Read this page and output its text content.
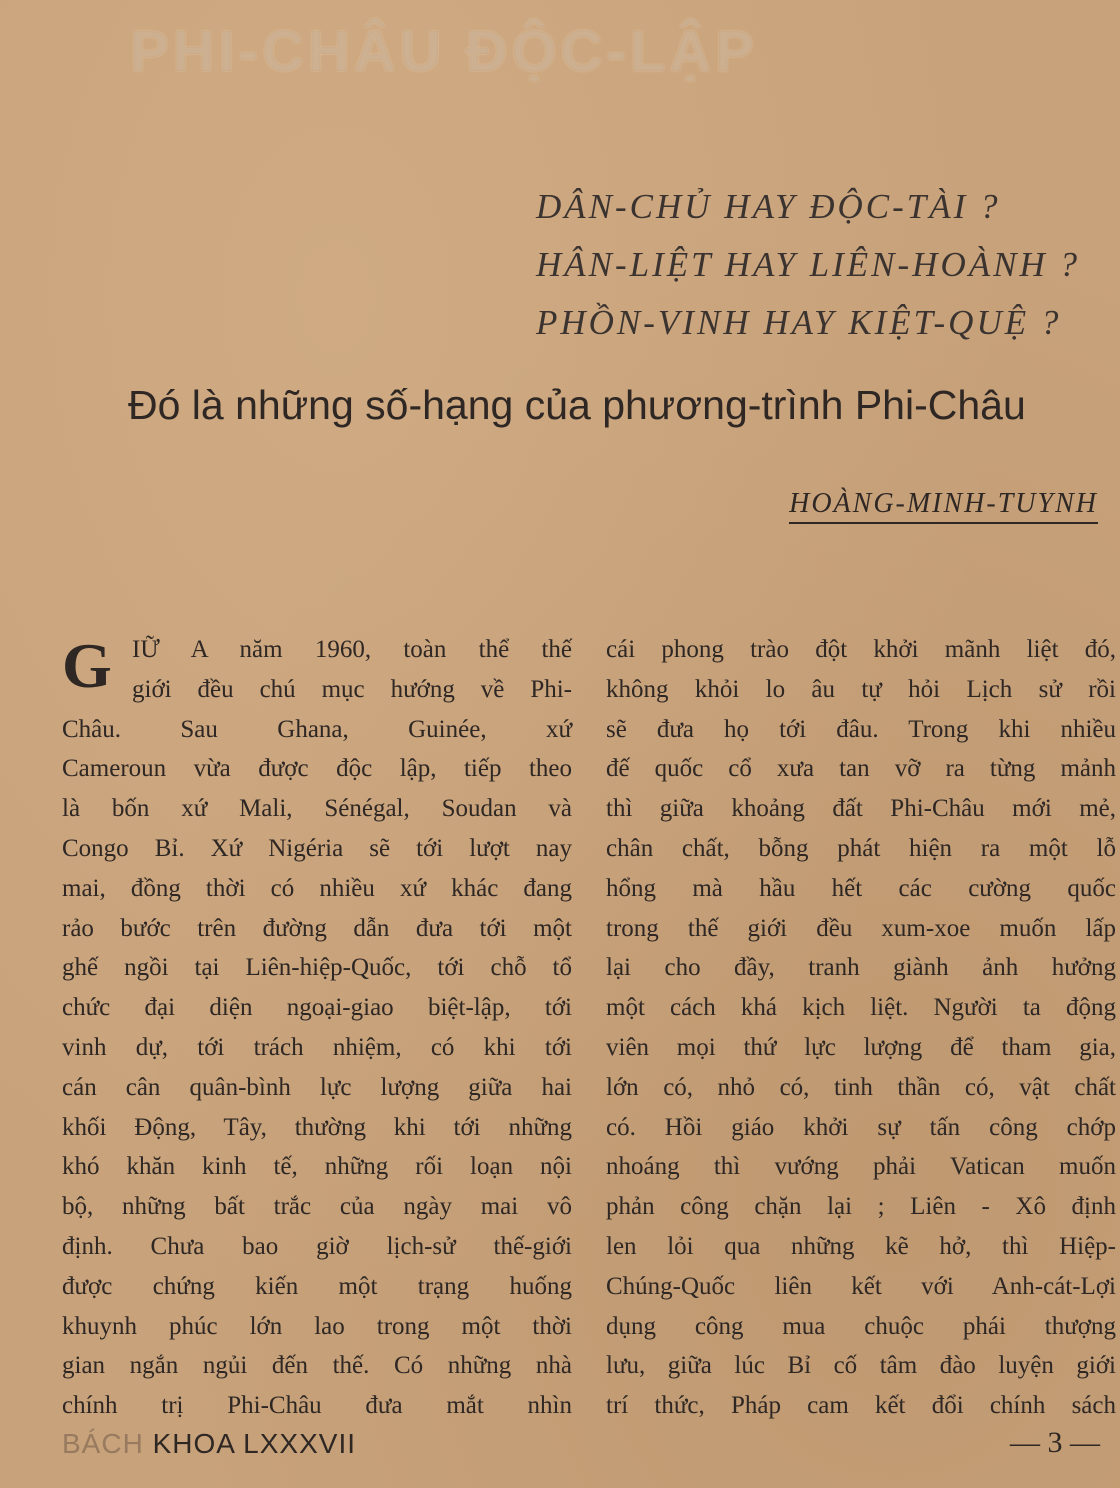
PHI-CHÂU ĐỘC-LẬP
DÂN-CHỦ HAY ĐỘC-TÀI ?
HÂN-LIỆT HAY LIÊN-HOÀNH ?
PHỒN-VINH HAY KIỆT-QUỆ ?
Đó là những số-hạng của phương-trình Phi-Châu
HOÀNG-MINH-TUYNH
G IỮ A năm 1960, toàn thể thế
giới đều chú mục hướng về Phi-
Châu. Sau Ghana, Guinée, xứ
Cameroun vừa được độc lập, tiếp theo
là bốn xứ Mali, Sénégal, Soudan và
Congo Bỉ. Xứ Nigéria sẽ tới lượt nay
mai, đồng thời có nhiều xứ khác đang
rảo bước trên đường dẫn đưa tới một
ghế ngồi tại Liên-hiệp-Quốc, tới chỗ tổ
chức đại diện ngoại-giao biệt-lập, tới
vinh dự, tới trách nhiệm, có khi tới
cán cân quân-bình lực lượng giữa hai
khối Động, Tây, thường khi tới những
khó khăn kinh tế, những rối loạn nội
bộ, những bất trắc của ngày mai vô
định. Chưa bao giờ lịch-sử thế-giới
được chứng kiến một trạng huống
khuynh phúc lớn lao trong một thời
gian ngắn ngủi đến thế. Có những nhà
chính trị Phi-Châu đưa mắt nhìn
cái phong trào đột khởi mãnh liệt đó,
không khỏi lo âu tự hỏi Lịch sử rồi
sẽ đưa họ tới đâu. Trong khi nhiều
đế quốc cổ xưa tan vỡ ra từng mảnh
thì giữa khoảng đất Phi-Châu mới mẻ,
chân chất, bỗng phát hiện ra một lỗ
hổng mà hầu hết các cường quốc
trong thế giới đều xum-xoe muốn lấp
lại cho đầy, tranh giành ảnh hưởng
một cách khá kịch liệt. Người ta động
viên mọi thứ lực lượng để tham gia,
lớn có, nhỏ có, tinh thần có, vật chất
có. Hồi giáo khởi sự tấn công chớp
nhoáng thì vướng phải Vatican muốn
phản công chặn lại ; Liên - Xô định
len lỏi qua những kẽ hở, thì Hiệp-
Chúng-Quốc liên kết với Anh-cát-Lợi
dụng công mua chuộc phái thượng
lưu, giữa lúc Bỉ cố tâm đào luyện giới
trí thức, Pháp cam kết đổi chính sách
BÁCH KHOA LXXXVII	— 3 —
